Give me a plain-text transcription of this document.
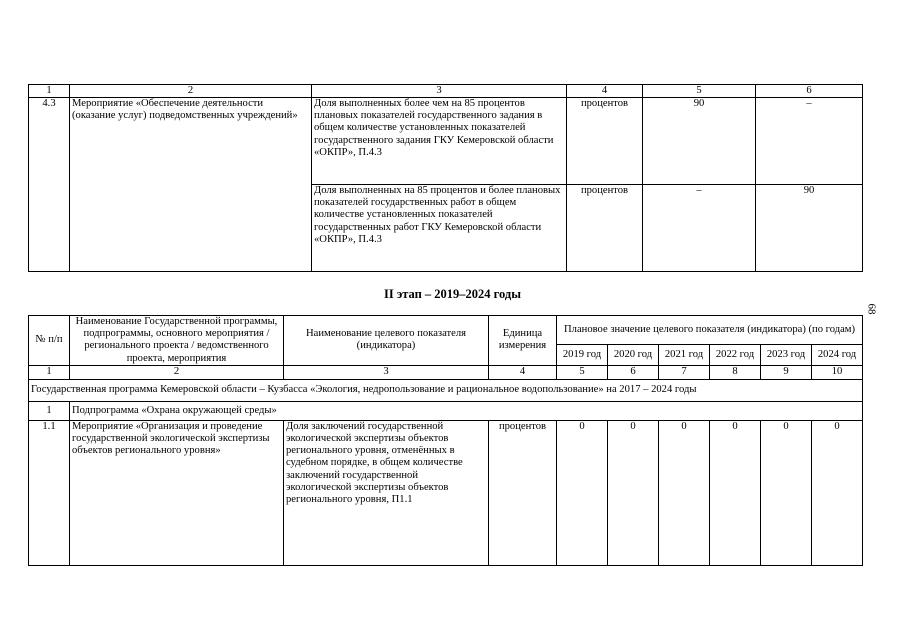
1	2	3	4	5	6
4.3	Мероприятие «Обеспечение деятельности (оказание услуг) подведомственных учреждений»	Доля выполненных более чем на 85 процентов плановых показателей государственного задания в общем количестве установленных показателей государственного задания ГКУ Кемеровской области «ОКПР», П.4.3	процентов	90	–
		Доля выполненных на 85 процентов и более плановых показателей государственных работ в общем количестве установленных показателей государственных работ ГКУ Кемеровской области «ОКПР», П.4.3	процентов	–	90
II этап – 2019–2024 годы
68
№ п/п	Наименование Государственной программы, подпрограммы, основного мероприятия / регионального проекта / ведомственного проекта, мероприятия	Наименование целевого показателя (индикатора)	Единица измерения	Плановое значение целевого показателя (индикатора) (по годам)					
				2019 год	2020 год	2021 год	2022 год	2023 год	2024 год
1	2	3	4	5	6	7	8	9	10
Государственная программа Кемеровской области – Кузбасса «Экология, недропользование и рациональное водопользование» на 2017 – 2024 годы									
1	Подпрограмма «Охрана окружающей среды»								
1.1	Мероприятие «Организация и проведение государственной экологической экспертизы объектов регионального уровня»	Доля заключений государственной экологической экспертизы объектов регионального уровня, отменённых в судебном порядке, в общем количестве заключений государственной экологической экспертизы объектов регионального уровня, П1.1	процентов	0	0	0	0	0	0
